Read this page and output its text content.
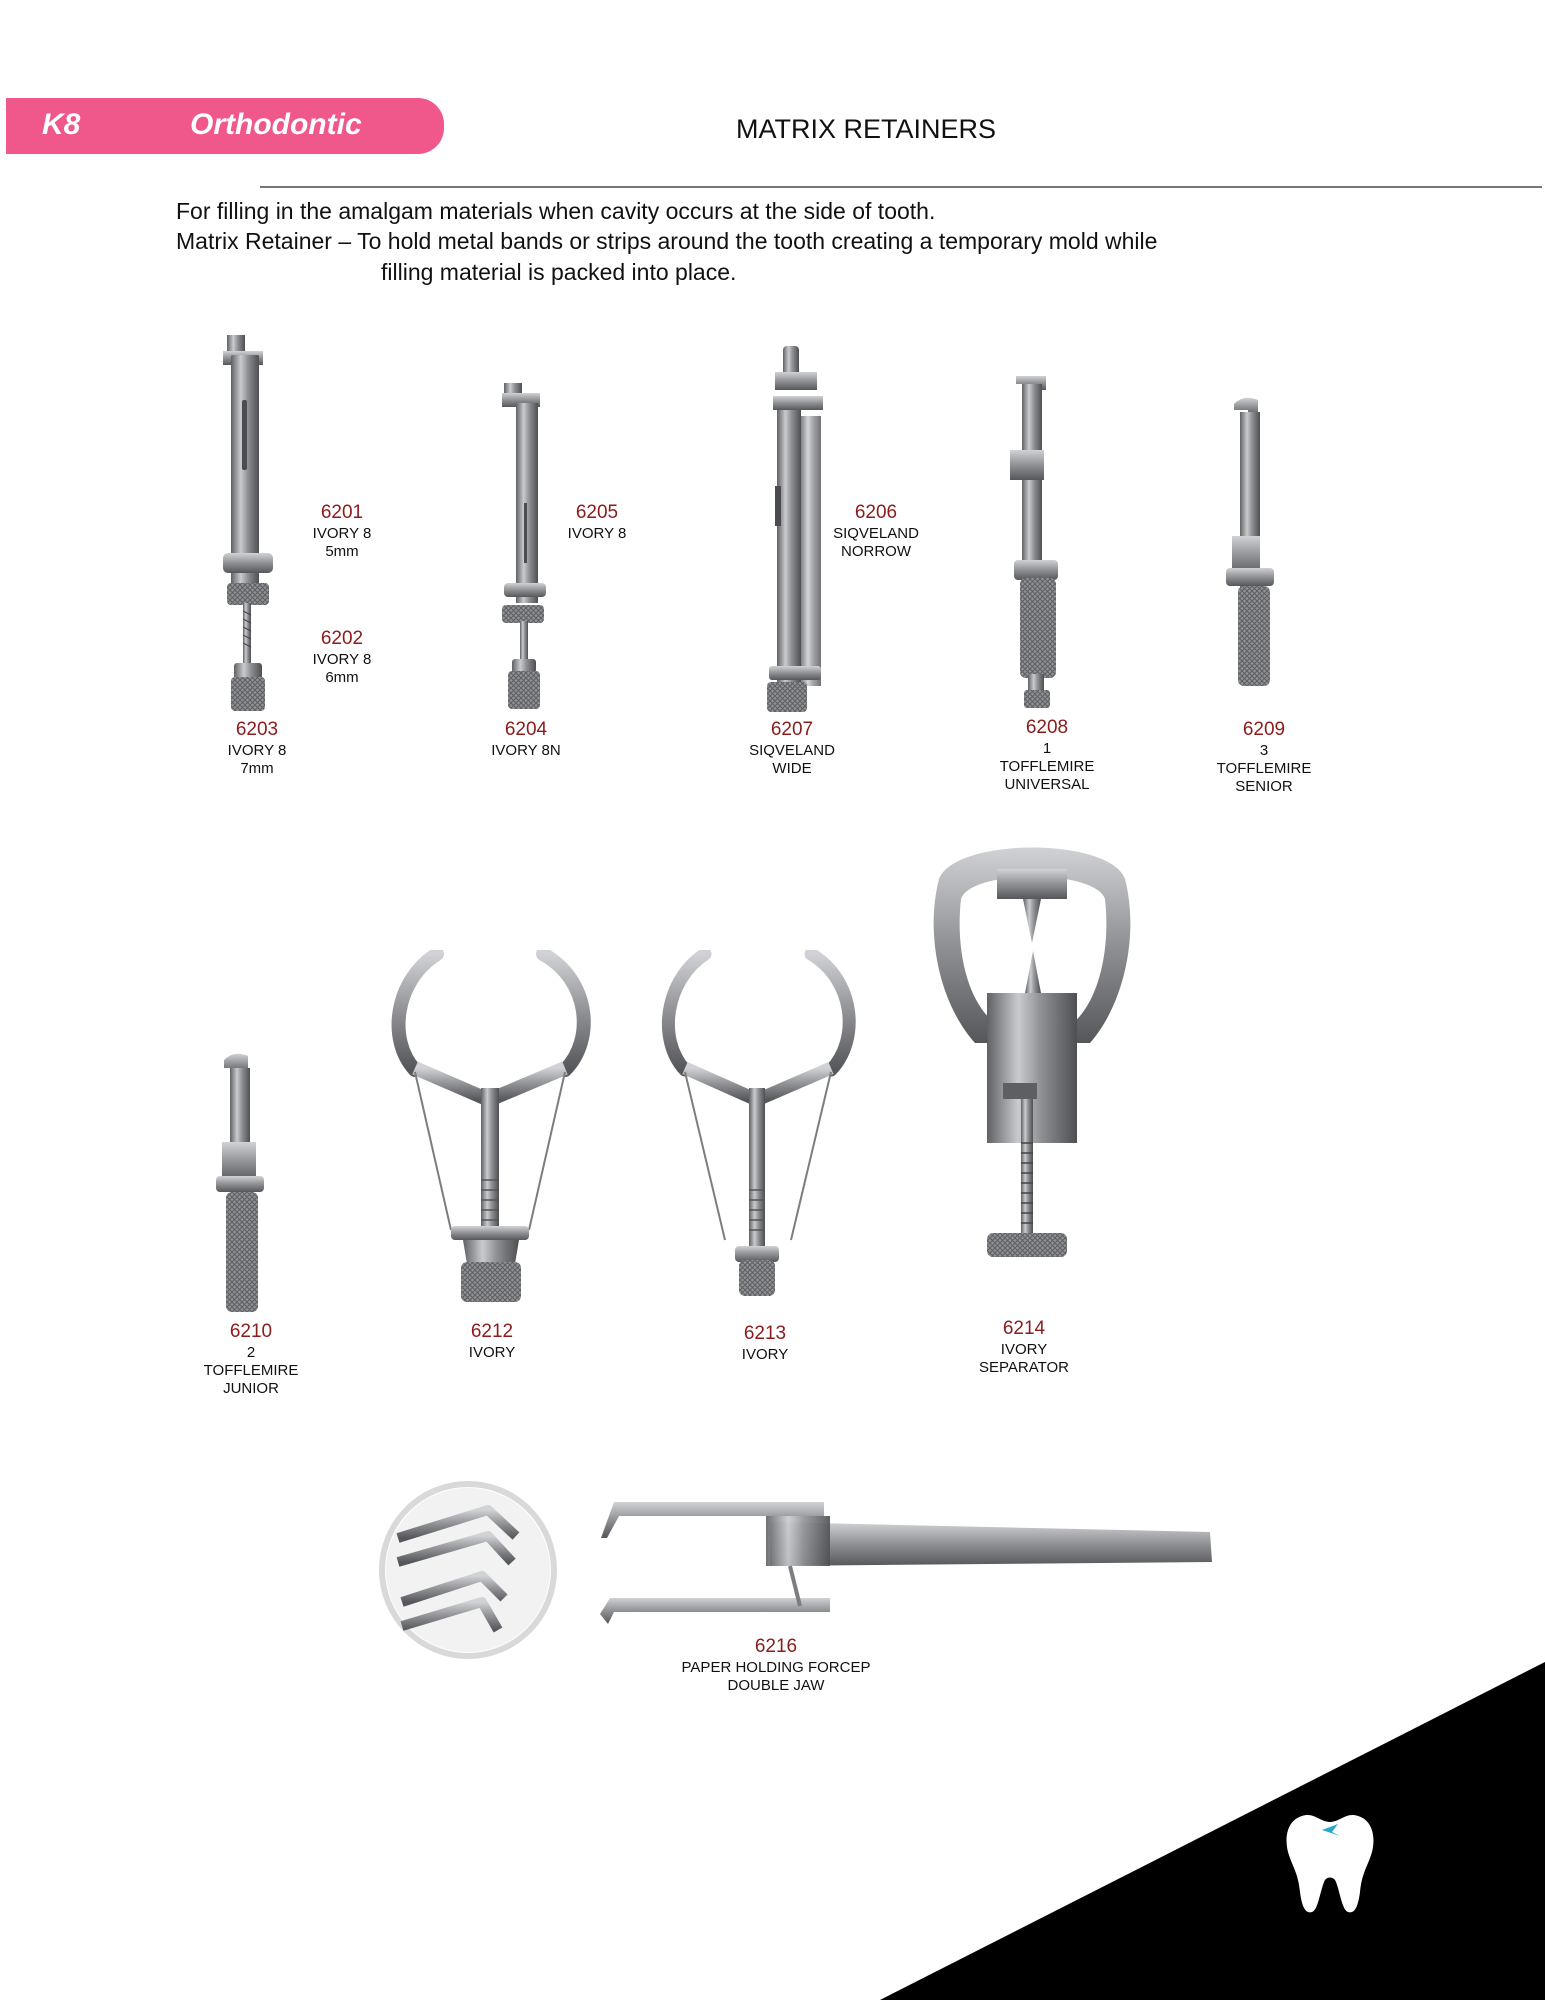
K8	Orthodontic	MATRIX RETAINERS
For filling in the amalgam materials when cavity occurs at the side of tooth.
Matrix Retainer – To hold metal bands or strips around the tooth creating a temporary mold while
filling material is packed into place.
6201
IVORY 8
5mm
6202
IVORY 8
6mm
6203
IVORY 8
7mm
6205
IVORY 8
6204
IVORY 8N
6206
SIQVELAND
NORROW
6207
SIQVELAND
WIDE
6208
1
TOFFLEMIRE
UNIVERSAL
6209
3
TOFFLEMIRE
SENIOR
6210
2
TOFFLEMIRE
JUNIOR
6212
IVORY
6213
IVORY
6214
IVORY
SEPARATOR
6216
PAPER HOLDING FORCEP
DOUBLE JAW
